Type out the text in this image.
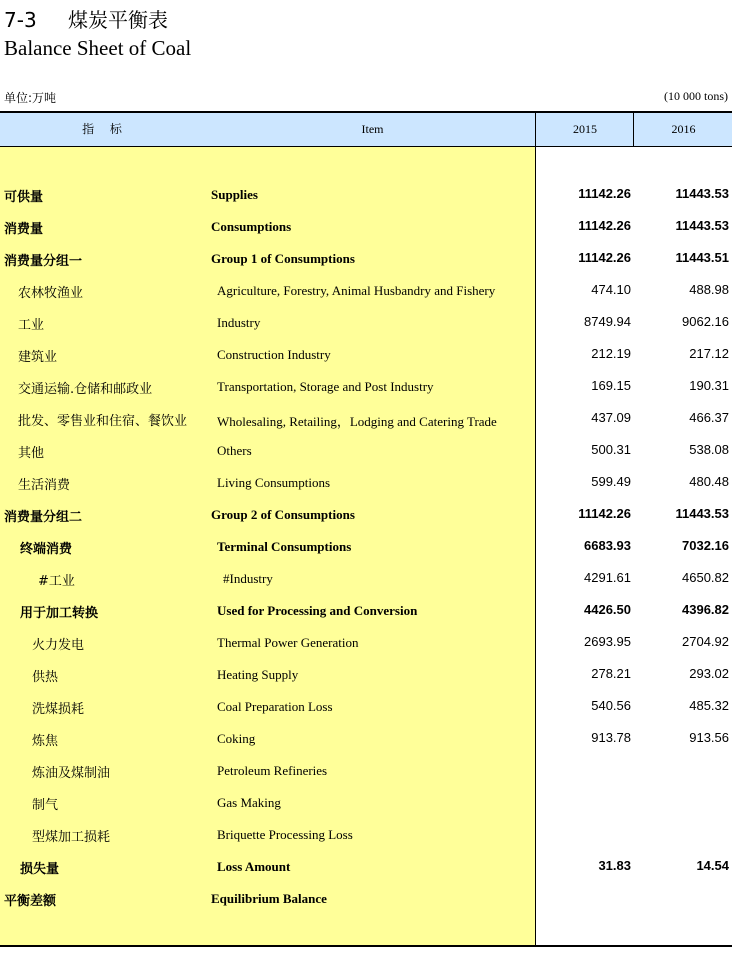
7-3 煤炭平衡表
Balance Sheet of Coal
单位:万吨	(10 000 tons)
指 标	Item	2015	2016
可供量	Supplies	11142.26	11443.53
消费量	Consumptions	11142.26	11443.53
消费量分组一	Group 1 of Consumptions	11142.26	11443.51
农林牧渔业	Agriculture, Forestry, Animal Husbandry and Fishery	474.10	488.98
工业	Industry	8749.94	9062.16
建筑业	Construction Industry	212.19	217.12
交通运输.仓储和邮政业	Transportation, Storage and Post Industry	169.15	190.31
批发、零售业和住宿、餐饮业 Wholesaling, Retailing，Lodging and Catering Trade	437.09	466.37
其他	Others	500.31	538.08
生活消费	Living Consumptions	599.49	480.48
消费量分组二	Group 2 of Consumptions	11142.26	11443.53
终端消费	Terminal Consumptions	6683.93	7032.16
#工业	#Industry	4291.61	4650.82
用于加工转换	Used for Processing and Conversion	4426.50	4396.82
火力发电	Thermal Power Generation	2693.95	2704.92
供热	Heating Supply	278.21	293.02
洗煤损耗	Coal Preparation Loss	540.56	485.32
炼焦	Coking	913.78	913.56
炼油及煤制油	Petroleum Refineries
制气	Gas Making
型煤加工损耗	Briquette Processing Loss
损失量	Loss Amount	31.83	14.54
平衡差额	Equilibrium Balance
